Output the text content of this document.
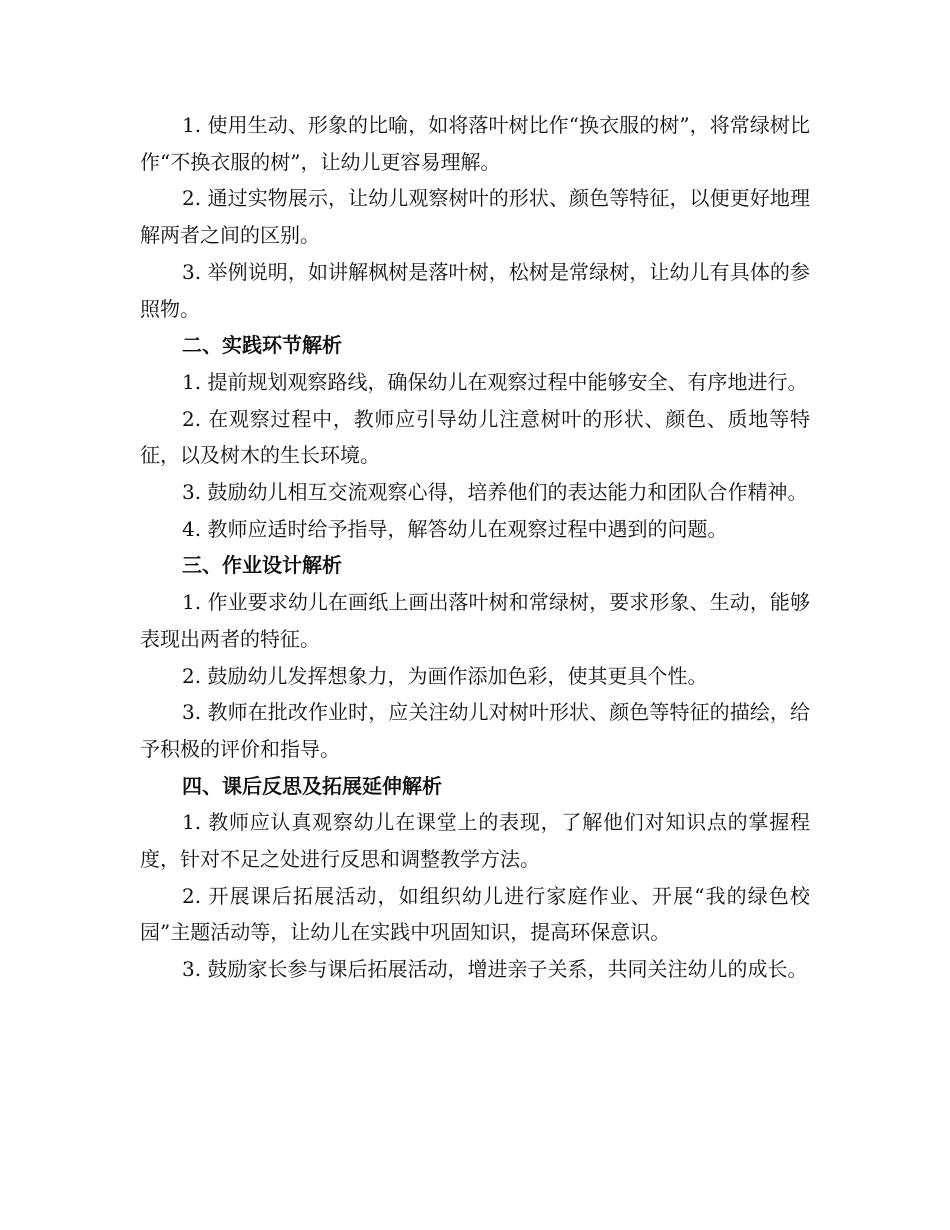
1. 使用生动、形象的比喻，如将落叶树比作“换衣服的树”，将常绿树比作“不换衣服的树”，让幼儿更容易理解。

2. 通过实物展示，让幼儿观察树叶的形状、颜色等特征，以便更好地理解两者之间的区别。

3. 举例说明，如讲解枫树是落叶树，松树是常绿树，让幼儿有具体的参照物。

二、实践环节解析

1. 提前规划观察路线，确保幼儿在观察过程中能够安全、有序地进行。

2. 在观察过程中，教师应引导幼儿注意树叶的形状、颜色、质地等特征，以及树木的生长环境。

3. 鼓励幼儿相互交流观察心得，培养他们的表达能力和团队合作精神。

4. 教师应适时给予指导，解答幼儿在观察过程中遇到的问题。

三、作业设计解析

1. 作业要求幼儿在画纸上画出落叶树和常绿树，要求形象、生动，能够表现出两者的特征。

2. 鼓励幼儿发挥想象力，为画作添加色彩，使其更具个性。

3. 教师在批改作业时，应关注幼儿对树叶形状、颜色等特征的描绘，给予积极的评价和指导。

四、课后反思及拓展延伸解析

1. 教师应认真观察幼儿在课堂上的表现，了解他们对知识点的掌握程度，针对不足之处进行反思和调整教学方法。

2. 开展课后拓展活动，如组织幼儿进行家庭作业、开展“我的绿色校园”主题活动等，让幼儿在实践中巩固知识，提高环保意识。

3. 鼓励家长参与课后拓展活动，增进亲子关系，共同关注幼儿的成长。
